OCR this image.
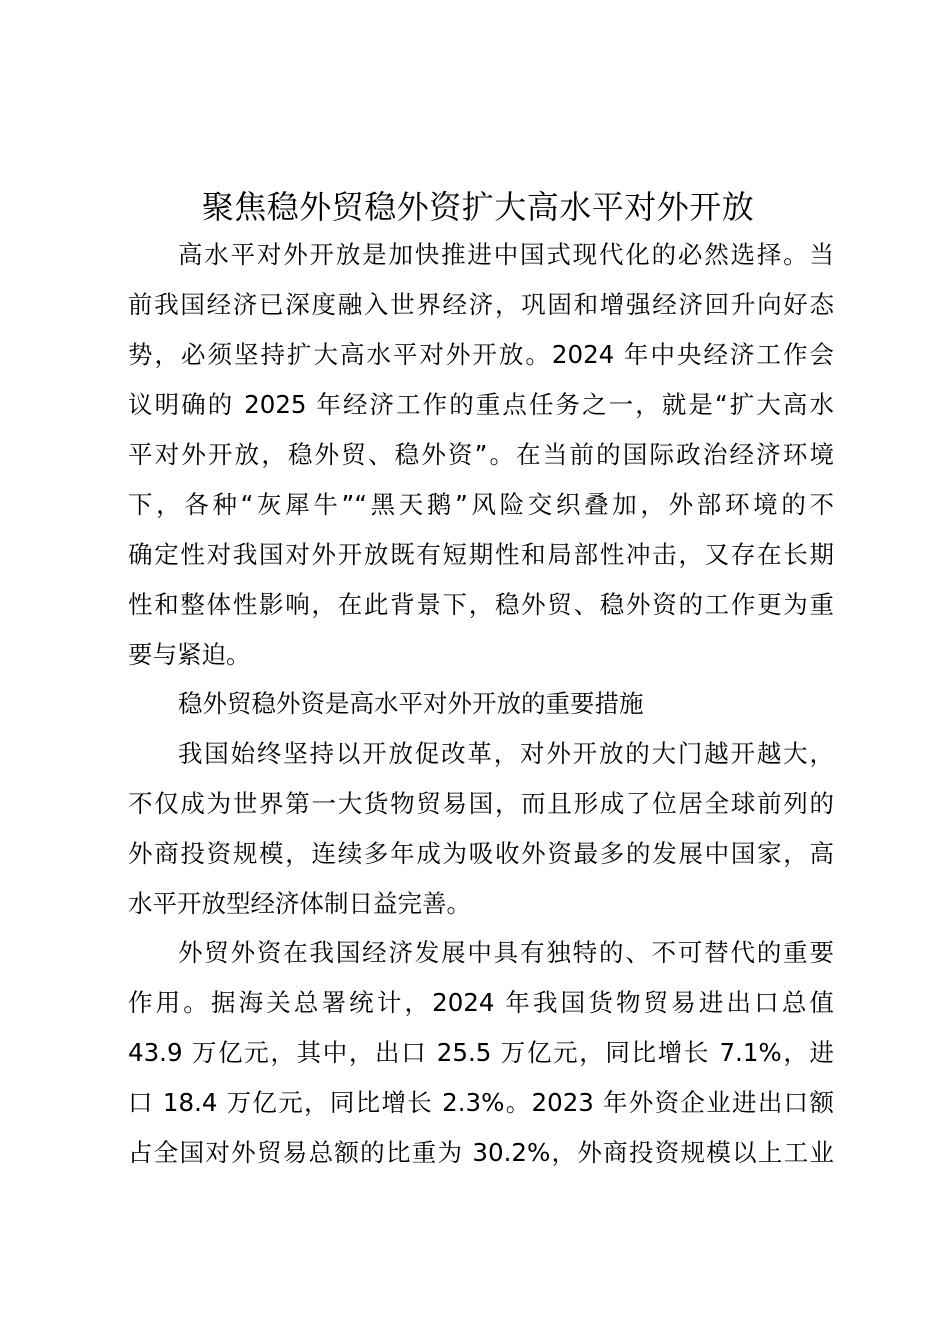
聚焦稳外贸稳外资扩大高水平对外开放
高水平对外开放是加快推进中国式现代化的必然选择。当
前我国经济已深度融入世界经济，巩固和增强经济回升向好态
势，必须坚持扩大高水平对外开放。2024 年中央经济工作会
议明确的 2025 年经济工作的重点任务之一，就是“扩大高水
平对外开放，稳外贸、稳外资”。在当前的国际政治经济环境
下，各种“灰犀牛”“黑天鹅”风险交织叠加，外部环境的不
确定性对我国对外开放既有短期性和局部性冲击，又存在长期
性和整体性影响，在此背景下，稳外贸、稳外资的工作更为重
要与紧迫。
稳外贸稳外资是高水平对外开放的重要措施
我国始终坚持以开放促改革，对外开放的大门越开越大，
不仅成为世界第一大货物贸易国，而且形成了位居全球前列的
外商投资规模，连续多年成为吸收外资最多的发展中国家，高
水平开放型经济体制日益完善。
外贸外资在我国经济发展中具有独特的、不可替代的重要
作用。据海关总署统计，2024 年我国货物贸易进出口总值
43.9 万亿元，其中，出口 25.5 万亿元，同比增长 7.1%，进
口 18.4 万亿元，同比增长 2.3%。2023 年外资企业进出口额
占全国对外贸易总额的比重为 30.2%，外商投资规模以上工业
